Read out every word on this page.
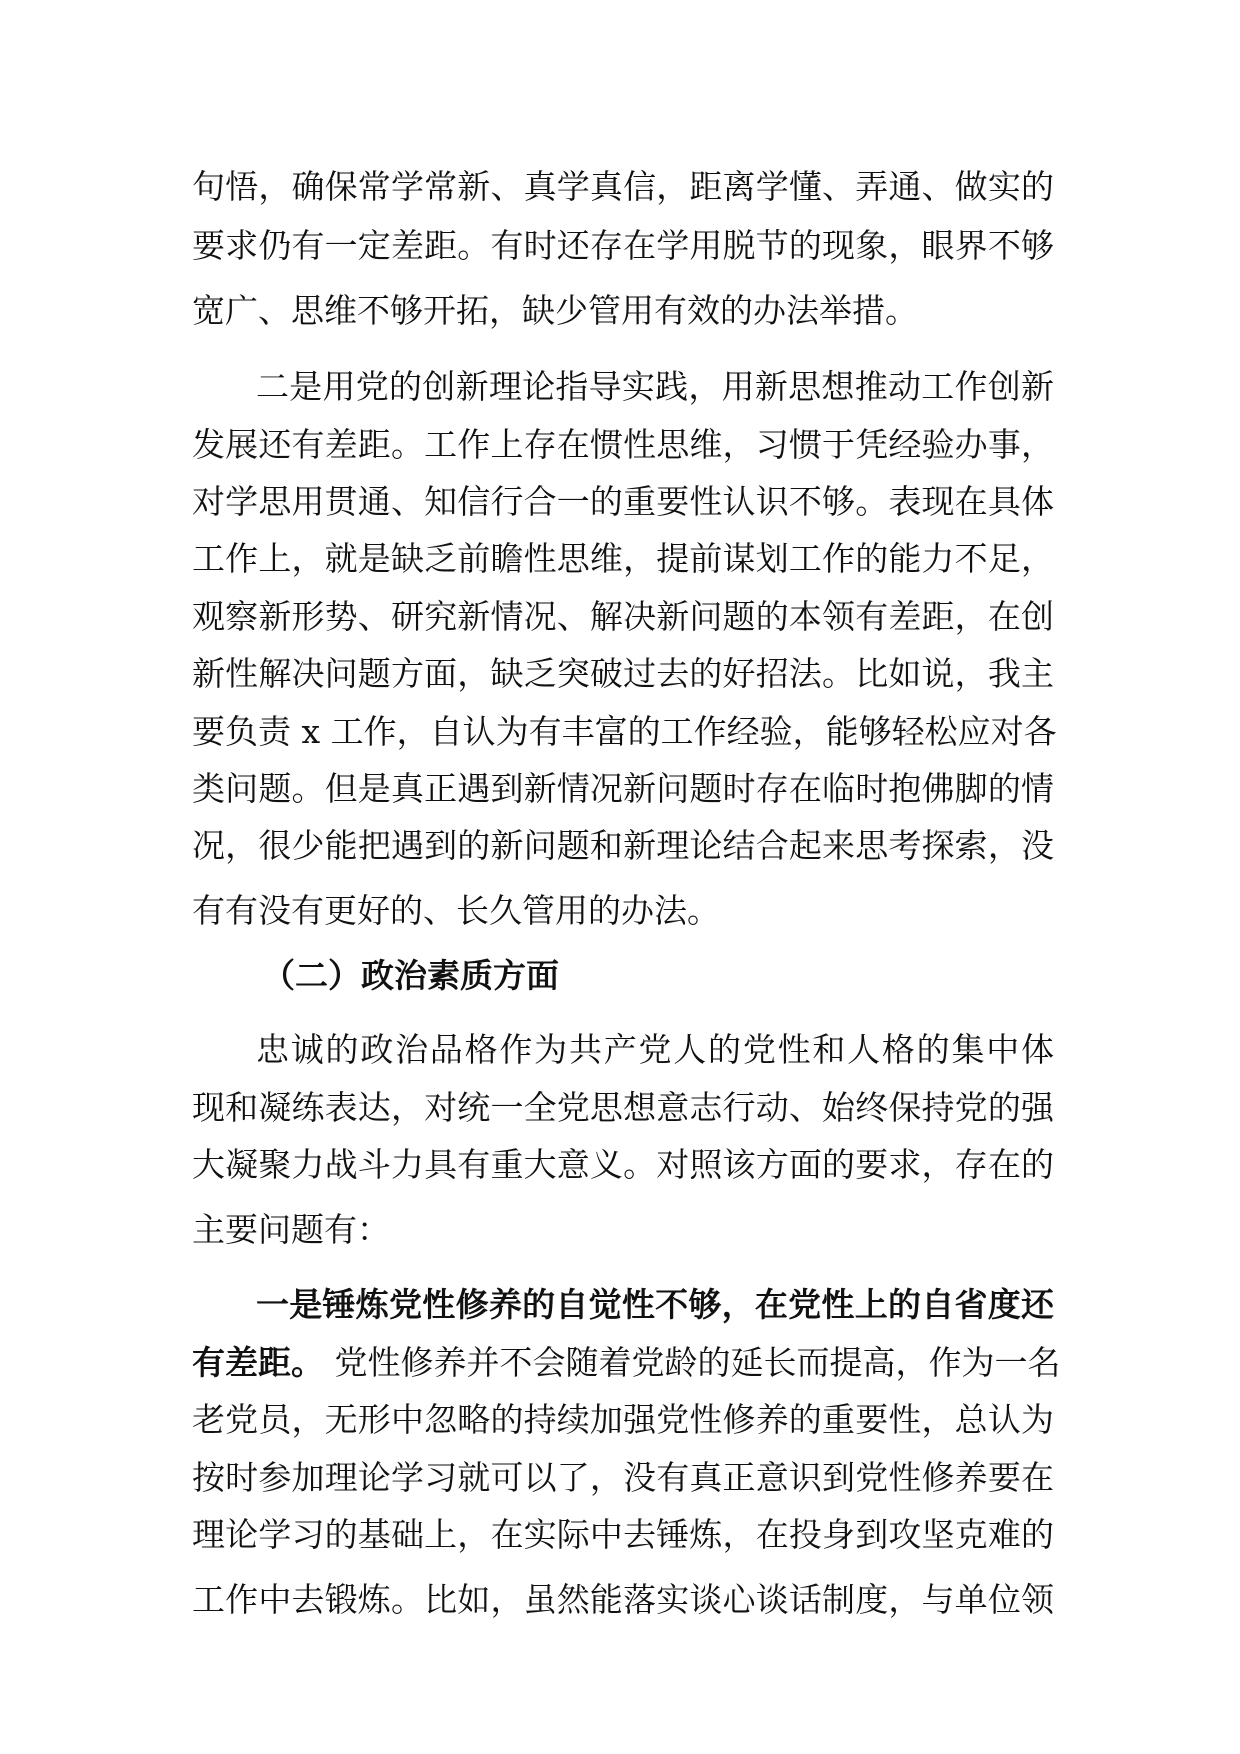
句悟，确保常学常新、真学真信，距离学懂、弄通、做实的
要求仍有一定差距。有时还存在学用脱节的现象，眼界不够
宽广、思维不够开拓，缺少管用有效的办法举措。
二是用党的创新理论指导实践，用新思想推动工作创新
发展还有差距。工作上存在惯性思维，习惯于凭经验办事，
对学思用贯通、知信行合一的重要性认识不够。表现在具体
工作上，就是缺乏前瞻性思维，提前谋划工作的能力不足，
观察新形势、研究新情况、解决新问题的本领有差距，在创
新性解决问题方面，缺乏突破过去的好招法。比如说，我主
要负责 x 工作，自认为有丰富的工作经验，能够轻松应对各
类问题。但是真正遇到新情况新问题时存在临时抱佛脚的情
况，很少能把遇到的新问题和新理论结合起来思考探索，没
有有没有更好的、长久管用的办法。
（二）政治素质方面
忠诚的政治品格作为共产党人的党性和人格的集中体
现和凝练表达，对统一全党思想意志行动、始终保持党的强
大凝聚力战斗力具有重大意义。对照该方面的要求，存在的
主要问题有：
一是锤炼党性修养的自觉性不够，在党性上的自省度还
有差距。 党性修养并不会随着党龄的延长而提高，作为一名
老党员，无形中忽略的持续加强党性修养的重要性，总认为
按时参加理论学习就可以了，没有真正意识到党性修养要在
理论学习的基础上，在实际中去锤炼，在投身到攻坚克难的
工作中去锻炼。比如，虽然能落实谈心谈话制度，与单位领
